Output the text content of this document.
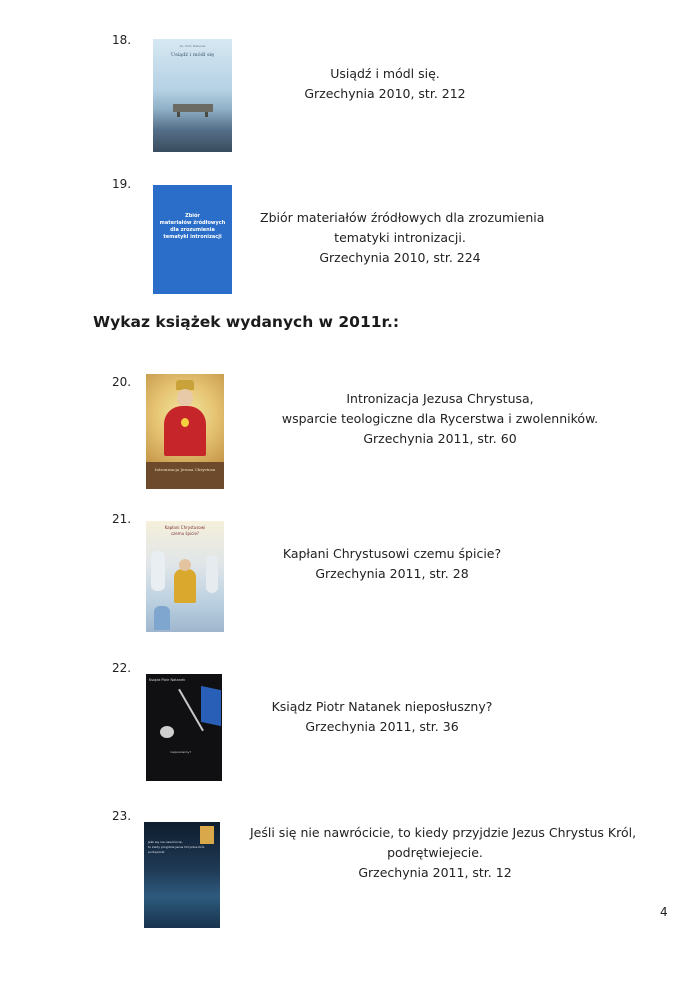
18.	Ks. Piotr Natanek
Usiądź i módl się
Usiądź i módl się.
Grzechynia 2010, str. 212
19.
Zbiór
materiałów źródłowych
dla zrozumienia
tematyki intronizacji
Zbiór materiałów źródłowych dla zrozumienia
tematyki intronizacji.
Grzechynia 2010, str. 224
Wykaz książek wydanych w 2011r.:
20.
Intronizacja Jezusa Chrystusa
Intronizacja Jezusa Chrystusa,
wsparcie teologiczne dla Rycerstwa i zwolenników.
Grzechynia 2011, str. 60
21.
Kapłani Chrystusowi
czemu śpicie?
Kapłani Chrystusowi czemu śpicie?
Grzechynia 2011, str. 28
22.
Ksiądz Piotr Natanek
nieposłuszny?
Ksiądz Piotr Natanek nieposłuszny?
Grzechynia 2011, str. 36
23.
Jeśli się nie nawrócicie,
to kiedy przyjdzie Jezus Chrystus Król,
podręcznik
Jeśli się nie nawrócicie, to kiedy przyjdzie Jezus Chrystus Król,
podrętwiejecie.
Grzechynia 2011, str. 12
4
